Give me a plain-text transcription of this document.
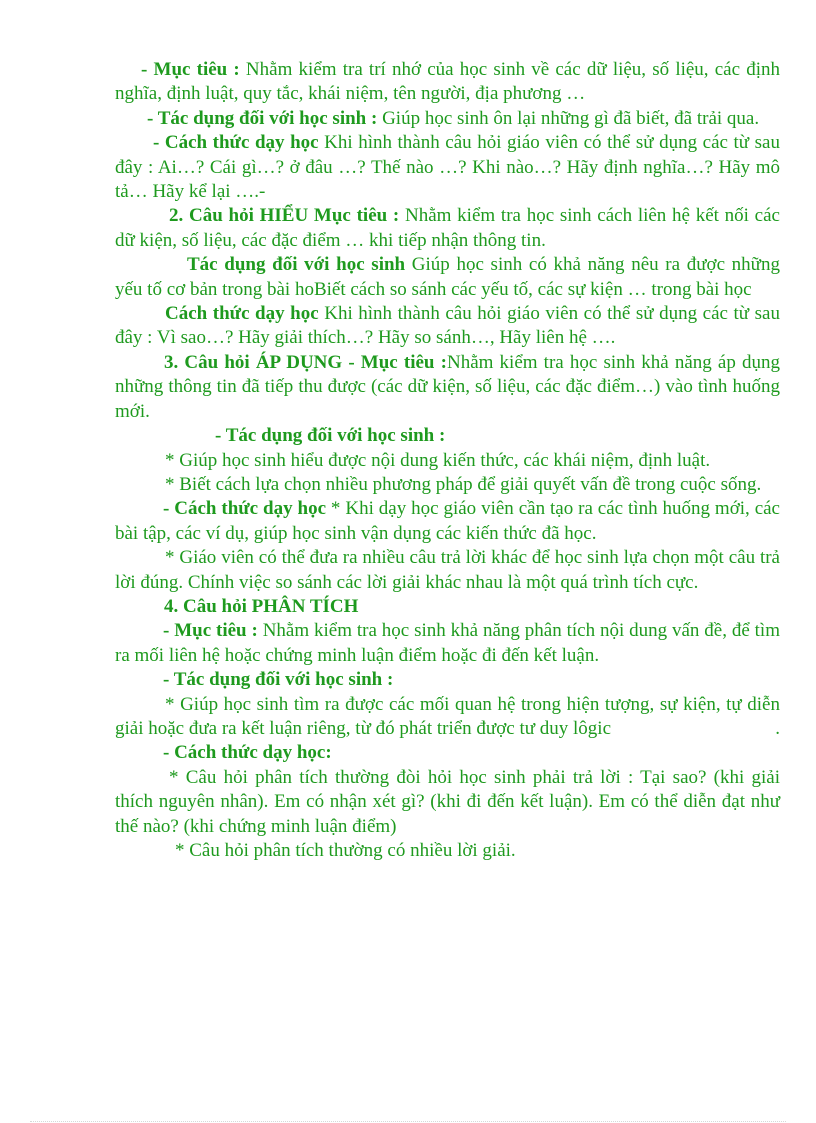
- Mục tiêu : Nhằm kiểm tra trí nhớ của học sinh về các dữ liệu, số liệu, các định nghĩa, định luật, quy tắc, khái niệm, tên người, địa phương …

- Tác dụng đối với học sinh : Giúp học sinh ôn lại những gì đã biết, đã trải qua.

- Cách thức dạy học Khi hình thành câu hỏi giáo viên có thể sử dụng các từ sau đây : Ai…? Cái gì…? ở đâu …? Thế nào …? Khi nào…? Hãy định nghĩa…? Hãy mô tả… Hãy kể lại ….-

2. Câu hỏi HIỂU Mục tiêu : Nhằm kiểm tra học sinh cách liên hệ kết nối các dữ kiện, số liệu, các đặc điểm … khi tiếp nhận thông tin.

Tác dụng đối với học sinh Giúp học sinh có khả năng nêu ra được những yếu tố cơ bản trong bài hoBiết cách so sánh các yếu tố, các sự kiện … trong bài học

Cách thức dạy học Khi hình thành câu hỏi giáo viên có thể sử dụng các từ sau đây : Vì sao…? Hãy giải thích…? Hãy so sánh…, Hãy liên hệ ….

3. Câu hỏi ÁP DỤNG - Mục tiêu :Nhằm kiểm tra học sinh khả năng áp dụng những thông tin đã tiếp thu được (các dữ kiện, số liệu, các đặc điểm…) vào tình huống mới.

- Tác dụng đối với học sinh :

* Giúp học sinh hiểu được nội dung kiến thức, các khái niệm, định luật.

* Biết cách lựa chọn nhiều phương pháp để giải quyết vấn đề trong cuộc sống.

- Cách thức dạy học * Khi dạy học giáo viên cần tạo ra các tình huống mới, các bài tập, các ví dụ, giúp học sinh vận dụng các kiến thức đã học.

* Giáo viên có thể đưa ra nhiều câu trả lời khác để học sinh lựa chọn một câu trả lời đúng. Chính việc so sánh các lời giải khác nhau là một quá trình tích cực.

4. Câu hỏi PHÂN TÍCH

- Mục tiêu : Nhằm kiểm tra học sinh khả năng phân tích nội dung vấn đề, để tìm ra mối liên hệ hoặc chứng minh luận điểm hoặc đi đến kết luận.

- Tác dụng đối với học sinh :

* Giúp học sinh tìm ra được các mối quan hệ trong hiện tượng, sự kiện, tự diễn giải hoặc đưa ra kết luận riêng, từ đó phát triển được tư duy lôgic	.

- Cách thức dạy học:

* Câu hỏi phân tích thường đòi hỏi học sinh phải trả lời : Tại sao? (khi giải thích nguyên nhân). Em có nhận xét gì? (khi đi đến kết luận). Em có thể diễn đạt như thế nào? (khi chứng minh luận điểm)

* Câu hỏi phân tích thường có nhiều lời giải.
